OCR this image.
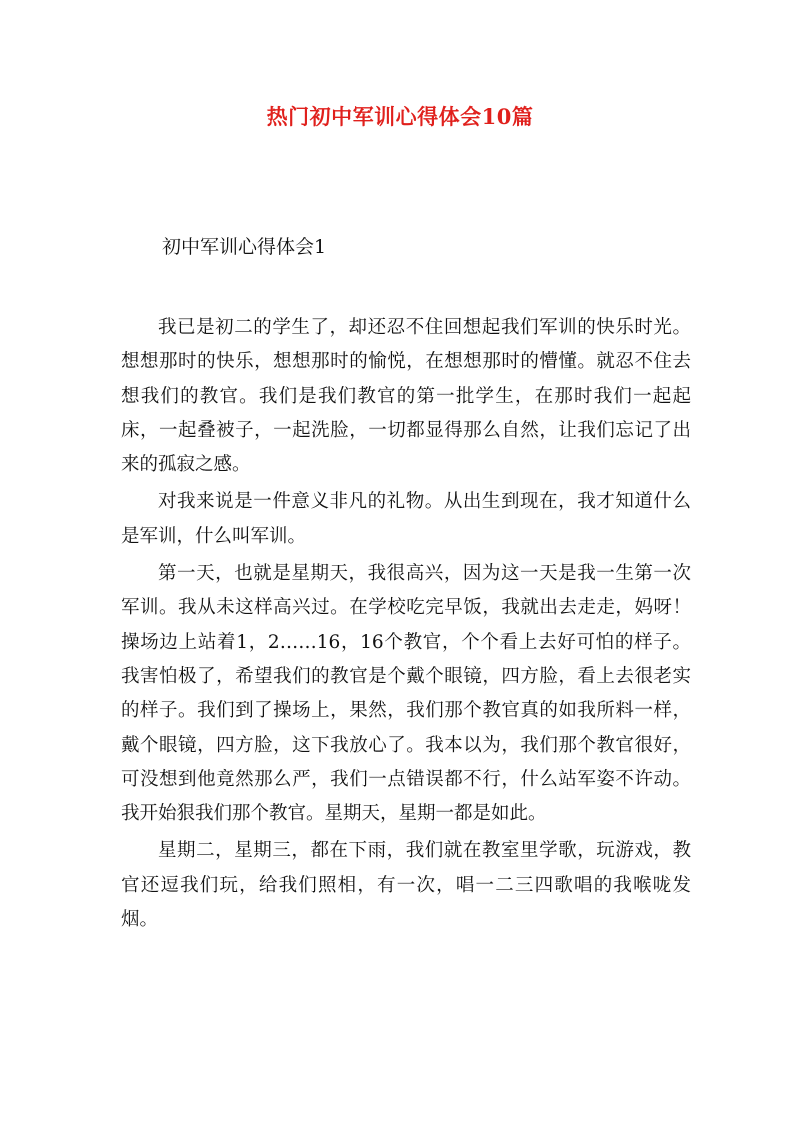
热门初中军训心得体会10篇
初中军训心得体会1

我已是初二的学生了，却还忍不住回想起我们军训的快乐时光。想想那时的快乐，想想那时的愉悦，在想想那时的懵懂。就忍不住去想我们的教官。我们是我们教官的第一批学生，在那时我们一起起床，一起叠被子，一起洗脸，一切都显得那么自然，让我们忘记了出来的孤寂之感。

对我来说是一件意义非凡的礼物。从出生到现在，我才知道什么是军训，什么叫军训。

第一天，也就是星期天，我很高兴，因为这一天是我一生第一次军训。我从未这样高兴过。在学校吃完早饭，我就出去走走，妈呀！操场边上站着1，2……16，16个教官，个个看上去好可怕的样子。我害怕极了，希望我们的教官是个戴个眼镜，四方脸，看上去很老实的样子。我们到了操场上，果然，我们那个教官真的如我所料一样，戴个眼镜，四方脸，这下我放心了。我本以为，我们那个教官很好，可没想到他竟然那么严，我们一点错误都不行，什么站军姿不许动。我开始狠我们那个教官。星期天，星期一都是如此。

星期二，星期三，都在下雨，我们就在教室里学歌，玩游戏，教官还逗我们玩，给我们照相，有一次，唱一二三四歌唱的我喉咙发烟。
